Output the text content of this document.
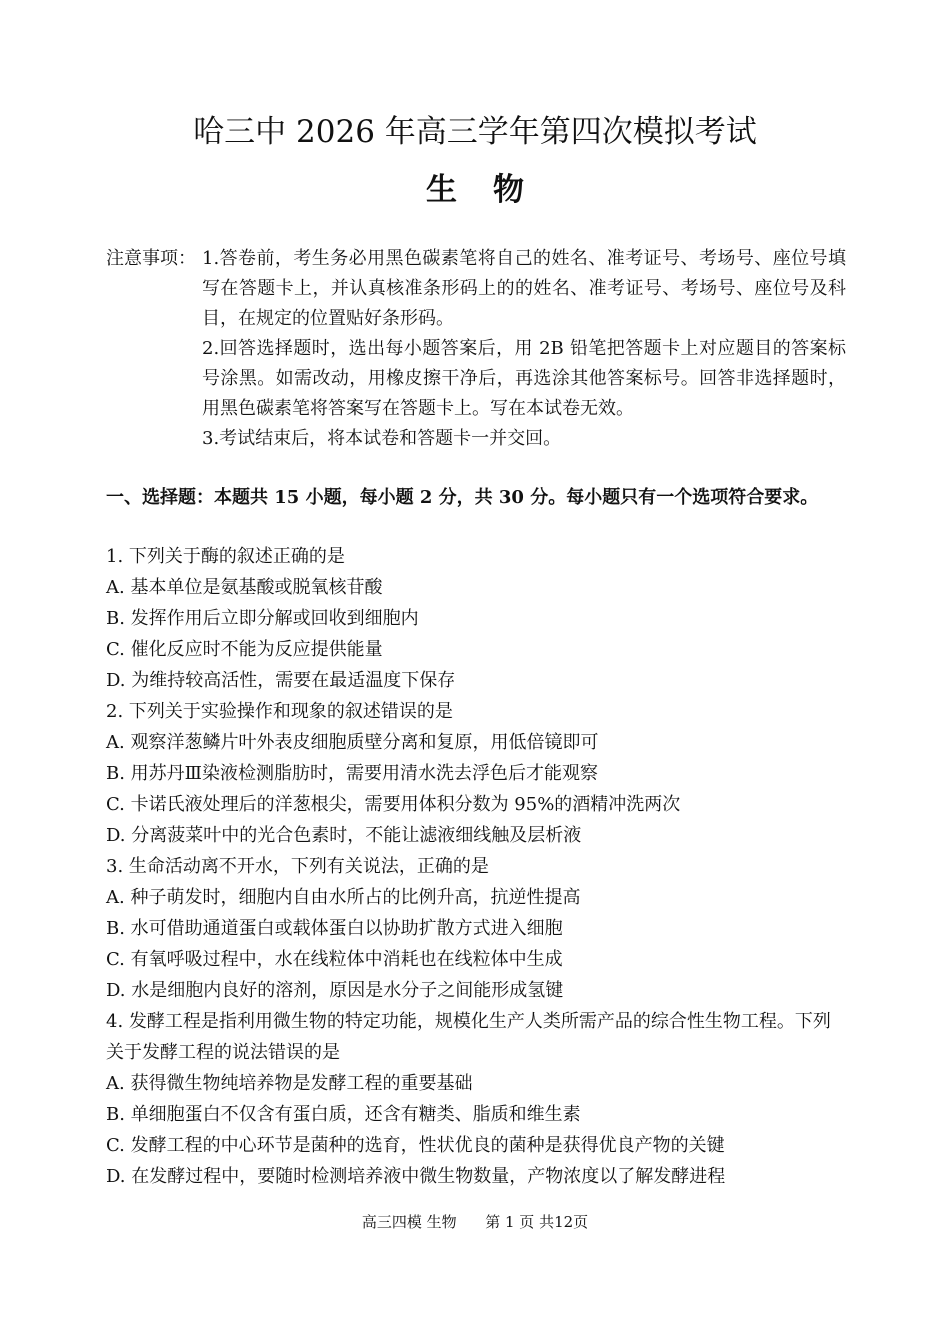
哈三中 2026 年高三学年第四次模拟考试
生物
注意事项： 1.答卷前，考生务必用黑色碳素笔将自己的姓名、准考证号、考场号、座位号填写在答题卡上，并认真核准条形码上的的姓名、准考证号、考场号、座位号及科目，在规定的位置贴好条形码。

2.回答选择题时，选出每小题答案后，用 2B 铅笔把答题卡上对应题目的答案标号涂黑。如需改动，用橡皮擦干净后，再选涂其他答案标号。回答非选择题时，用黑色碳素笔将答案写在答题卡上。写在本试卷无效。

3.考试结束后，将本试卷和答题卡一并交回。

一、选择题：本题共 15 小题，每小题 2 分，共 30 分。每小题只有一个选项符合要求。

1. 下列关于酶的叙述正确的是

A. 基本单位是氨基酸或脱氧核苷酸

B. 发挥作用后立即分解或回收到细胞内

C. 催化反应时不能为反应提供能量

D. 为维持较高活性，需要在最适温度下保存

2. 下列关于实验操作和现象的叙述错误的是

A. 观察洋葱鳞片叶外表皮细胞质壁分离和复原，用低倍镜即可

B. 用苏丹Ⅲ染液检测脂肪时，需要用清水洗去浮色后才能观察

C. 卡诺氏液处理后的洋葱根尖，需要用体积分数为 95%的酒精冲洗两次

D. 分离菠菜叶中的光合色素时，不能让滤液细线触及层析液

3. 生命活动离不开水，下列有关说法，正确的是

A. 种子萌发时，细胞内自由水所占的比例升高，抗逆性提高

B. 水可借助通道蛋白或载体蛋白以协助扩散方式进入细胞

C. 有氧呼吸过程中，水在线粒体中消耗也在线粒体中生成

D. 水是细胞内良好的溶剂，原因是水分子之间能形成氢键

4. 发酵工程是指利用微生物的特定功能，规模化生产人类所需产品的综合性生物工程。下列关于发酵工程的说法错误的是

A. 获得微生物纯培养物是发酵工程的重要基础

B. 单细胞蛋白不仅含有蛋白质，还含有糖类、脂质和维生素

C. 发酵工程的中心环节是菌种的选育，性状优良的菌种是获得优良产物的关键

D. 在发酵过程中，要随时检测培养液中微生物数量，产物浓度以了解发酵进程

高三四模 生物      第 1 页 共12页
